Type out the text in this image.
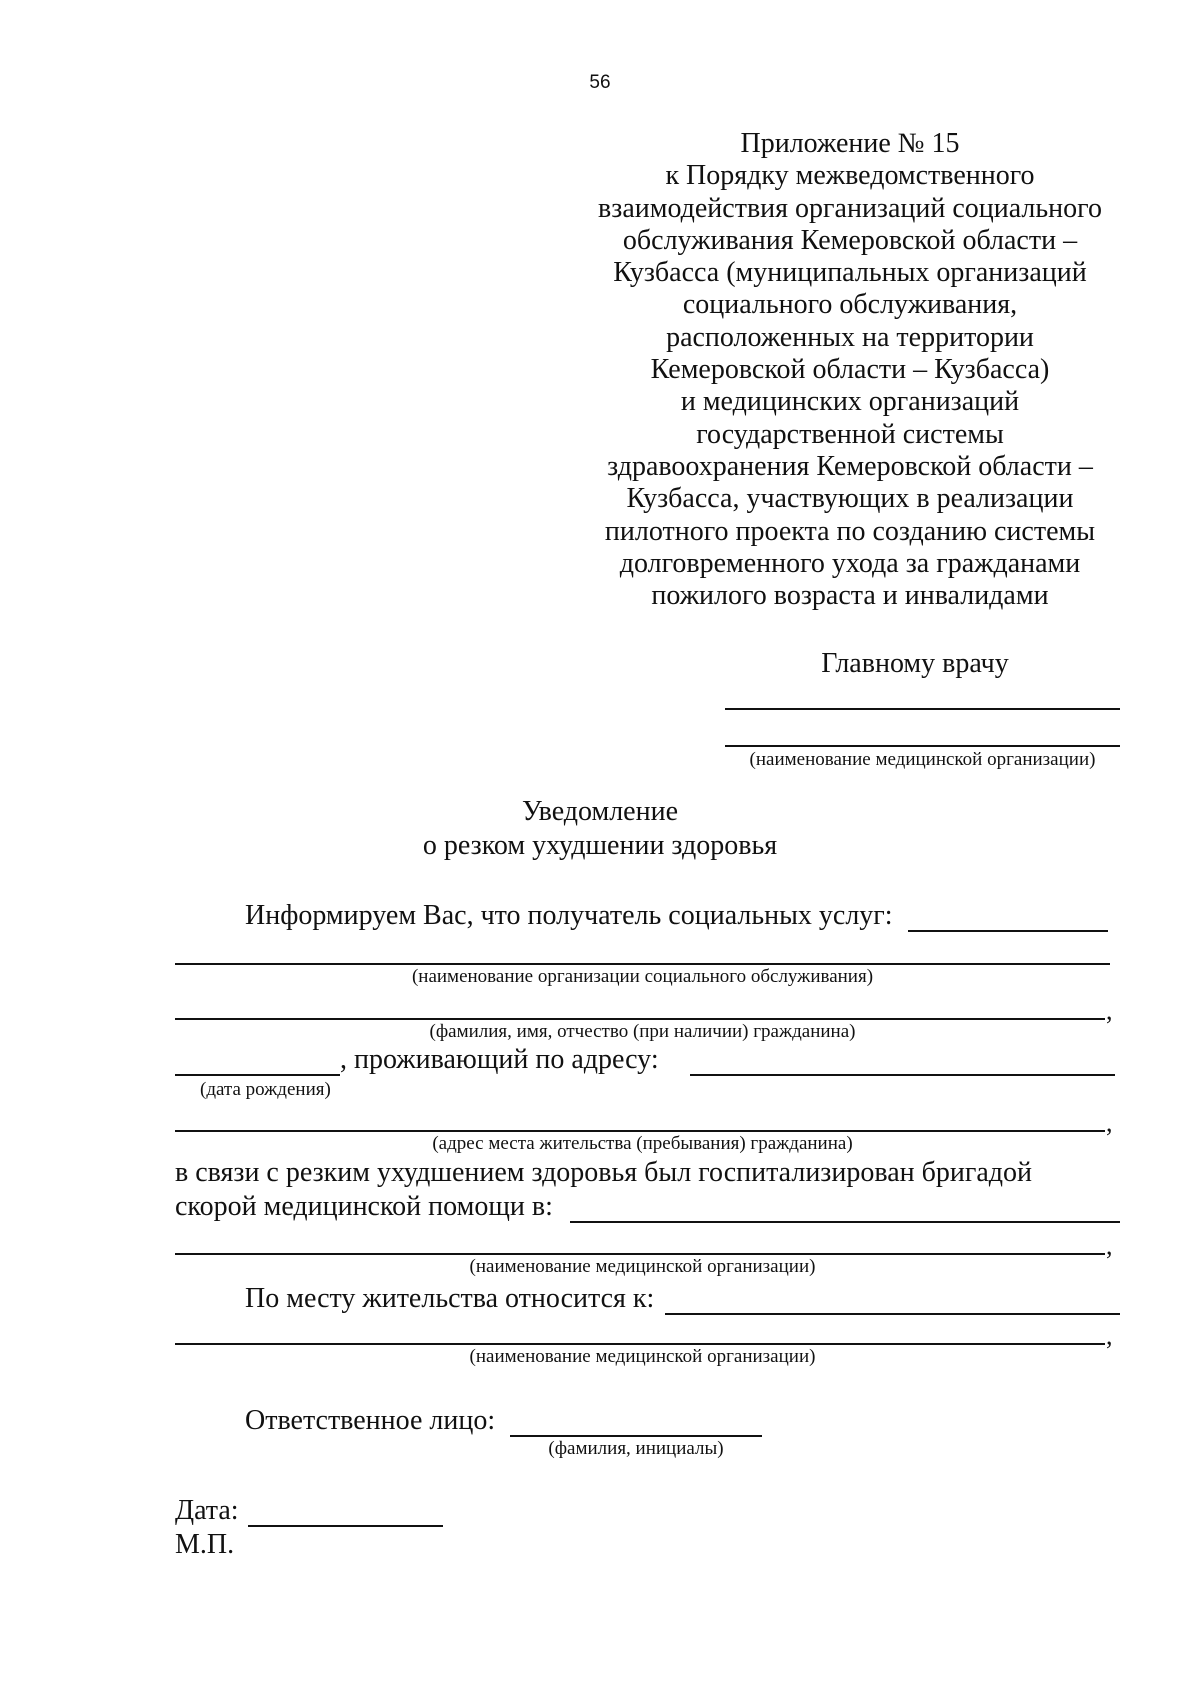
56
Приложение № 15
к Порядку межведомственного
взаимодействия организаций социального
обслуживания Кемеровской области –
Кузбасса (муниципальных организаций
социального обслуживания,
расположенных на территории
Кемеровской области – Кузбасса)
и медицинских организаций
государственной системы
здравоохранения Кемеровской области –
Кузбасса, участвующих в реализации
пилотного проекта по созданию системы
долговременного ухода за гражданами
пожилого возраста и инвалидами
Главному врачу
(наименование медицинской организации)
Уведомление
о резком ухудшении здоровья
Информируем Вас, что получатель социальных услуг:
(наименование организации социального обслуживания)
,
(фамилия, имя, отчество (при наличии) гражданина)
, проживающий по адресу:
(дата рождения)
,
(адрес места жительства (пребывания) гражданина)
в связи с резким ухудшением здоровья был госпитализирован бригадой
скорой медицинской помощи в:
,
(наименование медицинской организации)
По месту жительства относится к:
,
(наименование медицинской организации)
Ответственное лицо:
(фамилия, инициалы)
Дата:
М.П.
